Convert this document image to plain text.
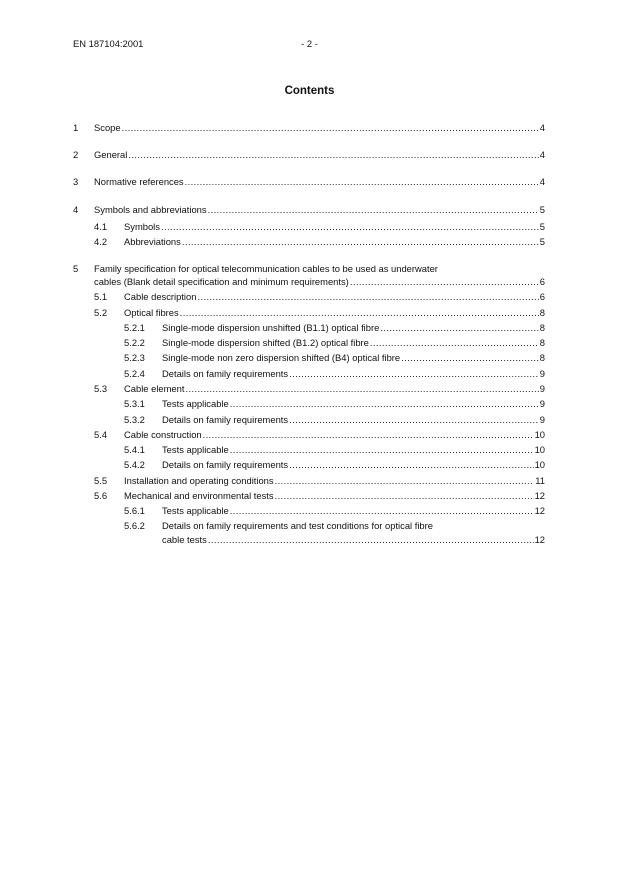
EN 187104:2001	- 2 -
Contents
1 Scope .....	4
2 General .....	4
3 Normative references .....	4
4 Symbols and abbreviations .....	5
4.1 Symbols .....	5
4.2 Abbreviations .....	5
5 Family specification for optical telecommunication cables to be used as underwater
cables (Blank detail specification and minimum requirements) .....	6
5.1 Cable description .....	6
5.2 Optical fibres .....	8
5.2.1 Single-mode dispersion unshifted (B1.1) optical fibre .....	8
5.2.2 Single-mode dispersion shifted (B1.2) optical fibre .....	8
5.2.3 Single-mode non zero dispersion shifted (B4) optical fibre .....	8
5.2.4 Details on family requirements .....	9
5.3 Cable element .....	9
5.3.1 Tests applicable .....	9
5.3.2 Details on family requirements .....	9
5.4 Cable construction .....	10
5.4.1 Tests applicable .....	10
5.4.2 Details on family requirements .....	10
5.5 Installation and operating conditions .....	11
5.6 Mechanical and environmental tests .....	12
5.6.1 Tests applicable .....	12
5.6.2 Details on family requirements and test conditions for optical fibre
cable tests .....	12
